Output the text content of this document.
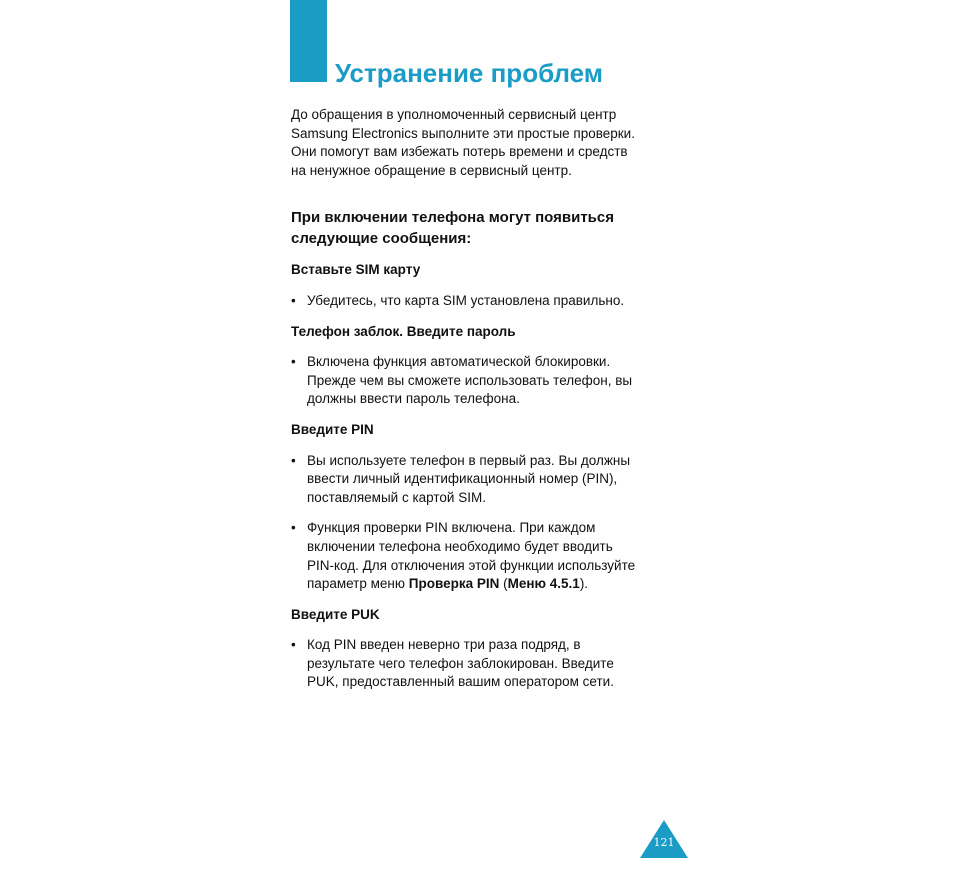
Устранение проблем

До обращения в уполномоченный сервисный центр
Samsung Electronics выполните эти простые проверки.
Они помогут вам избежать потерь времени и средств
на ненужное обращение в сервисный центр.

При включении телефона могут появиться
следующие сообщения:
Вставьте SIM карту
• Убедитесь, что карта SIM установлена правильно.
Телефон заблок. Введите пароль
• Включена функция автоматической блокировки.
Прежде чем вы сможете использовать телефон, вы
должны ввести пароль телефона.
Введите PIN
• Вы используете телефон в первый раз. Вы должны
ввести личный идентификационный номер (PIN),
поставляемый с картой SIM.
• Функция проверки PIN включена. При каждом
включении телефона необходимо будет вводить
PIN-код. Для отключения этой функции используйте
параметр меню Проверка PIN (Меню 4.5.1).
Введите PUK
• Код PIN введен неверно три раза подряд, в
результате чего телефон заблокирован. Введите
PUK, предоставленный вашим оператором сети.
121
